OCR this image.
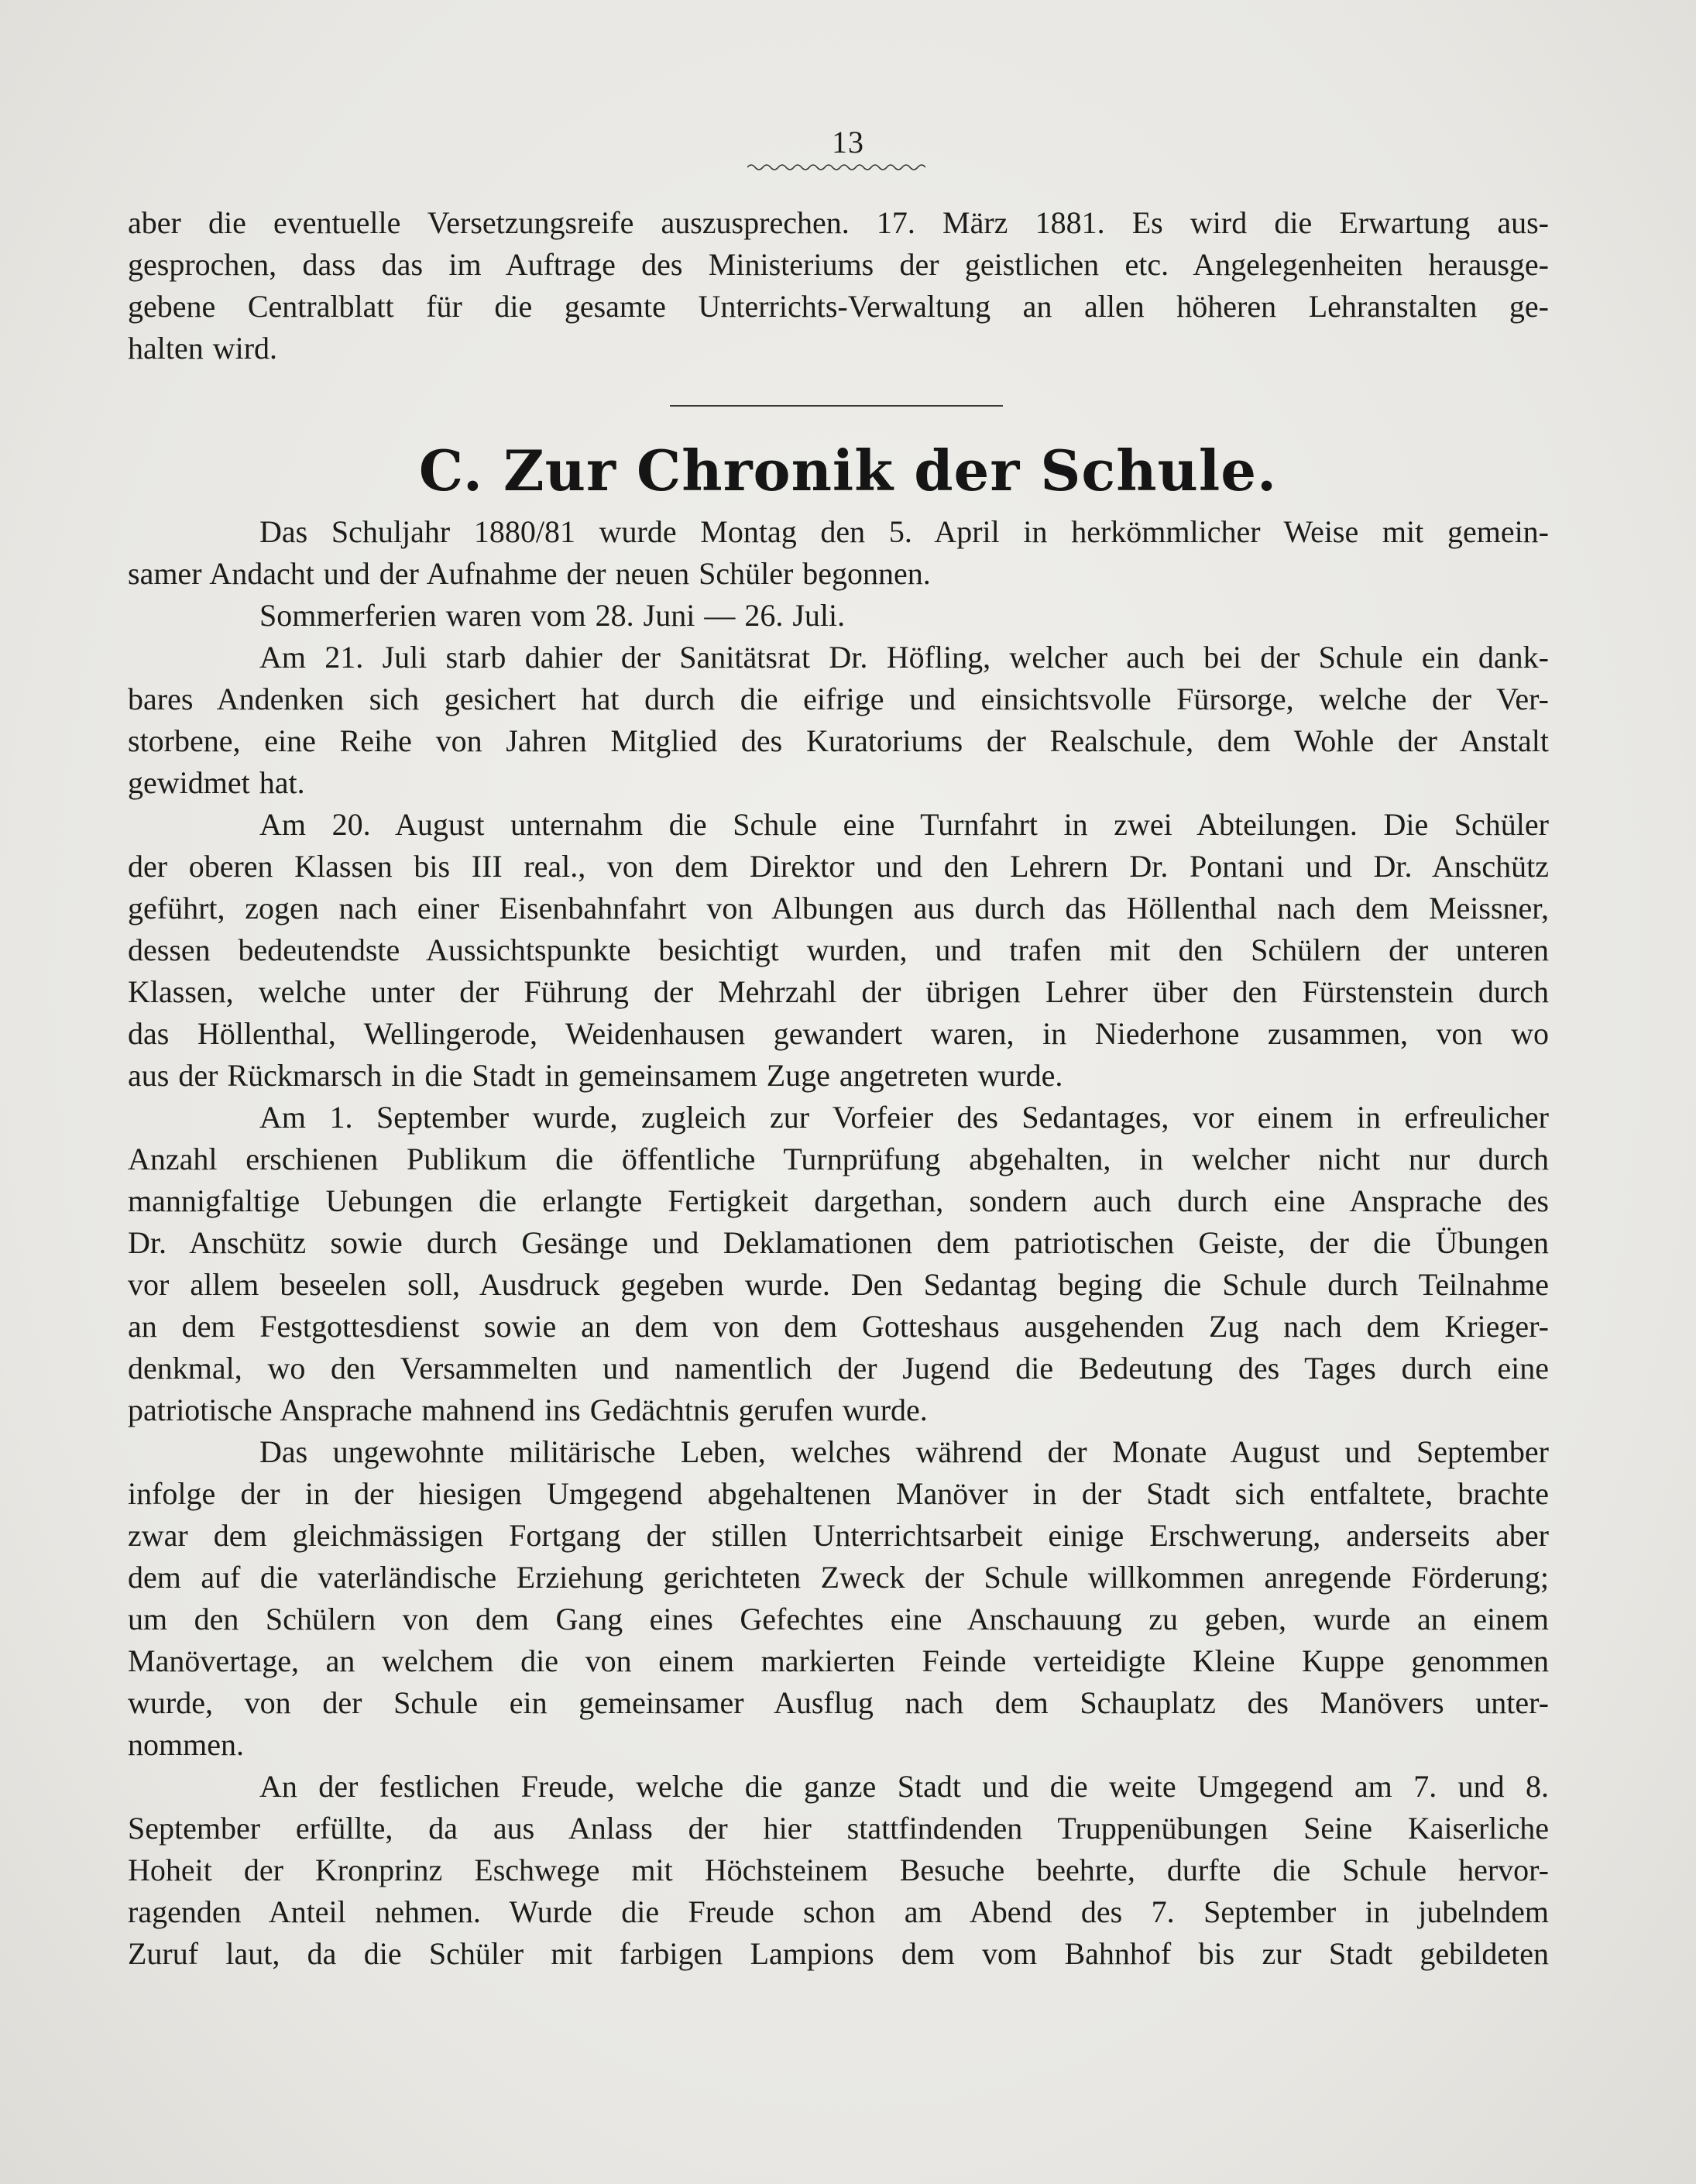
13
aber die eventuelle Versetzungsreife auszusprechen. 17. März 1881. Es wird die Erwartung aus-
gesprochen, dass das im Auftrage des Ministeriums der geistlichen etc. Angelegenheiten herausge-
gebene Centralblatt für die gesamte Unterrichts-Verwaltung an allen höheren Lehranstalten ge-
halten wird.
C. Zur Chronik der Schule.
Das Schuljahr 1880/81 wurde Montag den 5. April in herkömmlicher Weise mit gemein-
samer Andacht und der Aufnahme der neuen Schüler begonnen.
Sommerferien waren vom 28. Juni — 26. Juli.
Am 21. Juli starb dahier der Sanitätsrat Dr. Höfling, welcher auch bei der Schule ein dank-
bares Andenken sich gesichert hat durch die eifrige und einsichtsvolle Fürsorge, welche der Ver-
storbene, eine Reihe von Jahren Mitglied des Kuratoriums der Realschule, dem Wohle der Anstalt
gewidmet hat.
Am 20. August unternahm die Schule eine Turnfahrt in zwei Abteilungen. Die Schüler
der oberen Klassen bis III real., von dem Direktor und den Lehrern Dr. Pontani und Dr. Anschütz
geführt, zogen nach einer Eisenbahnfahrt von Albungen aus durch das Höllenthal nach dem Meissner,
dessen bedeutendste Aussichtspunkte besichtigt wurden, und trafen mit den Schülern der unteren
Klassen, welche unter der Führung der Mehrzahl der übrigen Lehrer über den Fürstenstein durch
das Höllenthal, Wellingerode, Weidenhausen gewandert waren, in Niederhone zusammen, von wo
aus der Rückmarsch in die Stadt in gemeinsamem Zuge angetreten wurde.
Am 1. September wurde, zugleich zur Vorfeier des Sedantages, vor einem in erfreulicher
Anzahl erschienen Publikum die öffentliche Turnprüfung abgehalten, in welcher nicht nur durch
mannigfaltige Uebungen die erlangte Fertigkeit dargethan, sondern auch durch eine Ansprache des
Dr. Anschütz sowie durch Gesänge und Deklamationen dem patriotischen Geiste, der die Übungen
vor allem beseelen soll, Ausdruck gegeben wurde. Den Sedantag beging die Schule durch Teilnahme
an dem Festgottesdienst sowie an dem von dem Gotteshaus ausgehenden Zug nach dem Krieger-
denkmal, wo den Versammelten und namentlich der Jugend die Bedeutung des Tages durch eine
patriotische Ansprache mahnend ins Gedächtnis gerufen wurde.
Das ungewohnte militärische Leben, welches während der Monate August und September
infolge der in der hiesigen Umgegend abgehaltenen Manöver in der Stadt sich entfaltete, brachte
zwar dem gleichmässigen Fortgang der stillen Unterrichtsarbeit einige Erschwerung, anderseits aber
dem auf die vaterländische Erziehung gerichteten Zweck der Schule willkommen anregende Förderung;
um den Schülern von dem Gang eines Gefechtes eine Anschauung zu geben, wurde an einem
Manövertage, an welchem die von einem markierten Feinde verteidigte Kleine Kuppe genommen
wurde, von der Schule ein gemeinsamer Ausflug nach dem Schauplatz des Manövers unter-
nommen.
An der festlichen Freude, welche die ganze Stadt und die weite Umgegend am 7. und 8.
September erfüllte, da aus Anlass der hier stattfindenden Truppenübungen Seine Kaiserliche
Hoheit der Kronprinz Eschwege mit Höchsteinem Besuche beehrte, durfte die Schule hervor-
ragenden Anteil nehmen. Wurde die Freude schon am Abend des 7. September in jubelndem
Zuruf laut, da die Schüler mit farbigen Lampions dem vom Bahnhof bis zur Stadt gebildeten
